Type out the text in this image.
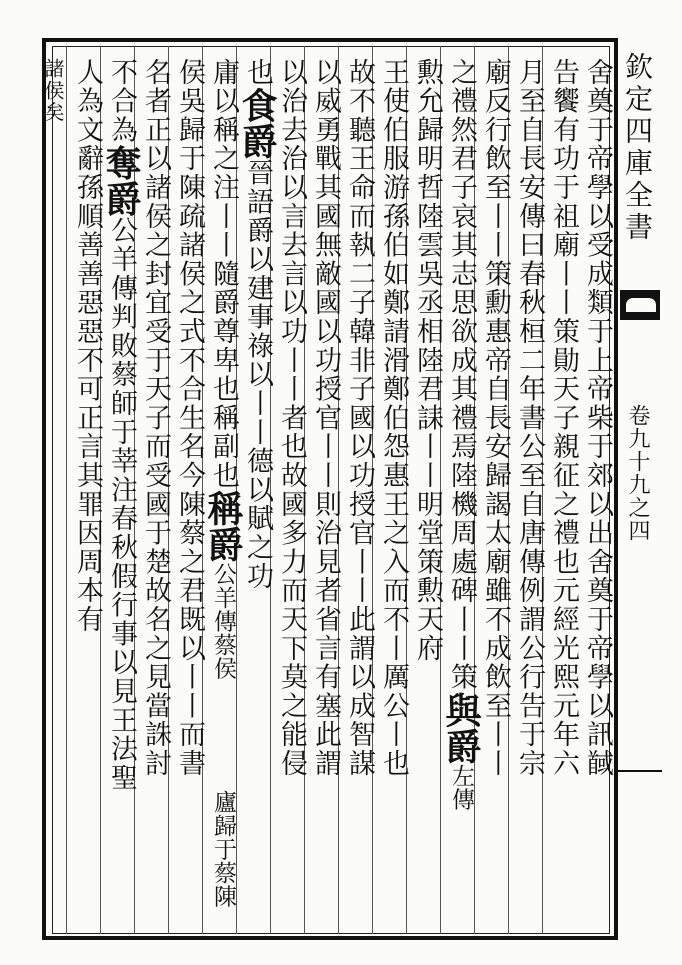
欽定四庫全書
卷九十九之四
舍奠于帝學以受成類于上帝柴于郊以出舍奠于帝學以訊馘
告饗有功于祖廟丨丨策勛天子親征之禮也元經光熙元年六
月至自長安傳曰春秋桓二年書公至自唐傳例謂公行告于宗
廟反行飲至丨丨策勳惠帝自長安歸謁太廟雖不成飲至丨丨
之禮然君子哀其志思欲成其禮焉陸機周處碑丨丨策與爵左傳
勲允歸明哲陸雲吳丞相陸君誄丨丨明堂策勲天府
王使伯服游孫伯如鄭請滑鄭伯怨惠王之入而不丨厲公丨也
故不聽王命而執二子韓非子國以功授官丨丨此謂以成智謀
以威勇戰其國無敵國以功授官丨丨則治見者省言有塞此謂
以治去治以言去言以功丨丨者也故國多力而天下莫之能侵
也食爵晉語爵以建事祿以丨丨德以賦之功
庸以稱之注丨丨隨爵尊卑也稱副也稱爵公羊傳蔡侯
侯吳歸于陳疏諸侯之式不合生名今陳蔡之君既以丨丨而書
名者正以諸侯之封宜受于天子而受國于楚故名之見當誅討
不合為奪爵公羊傳判敗蔡師于莘注春秋假行事以見王法聖
人為文辭孫順善善惡惡不可正言其罪因周本有
諸侯矣
廬歸于蔡陳
